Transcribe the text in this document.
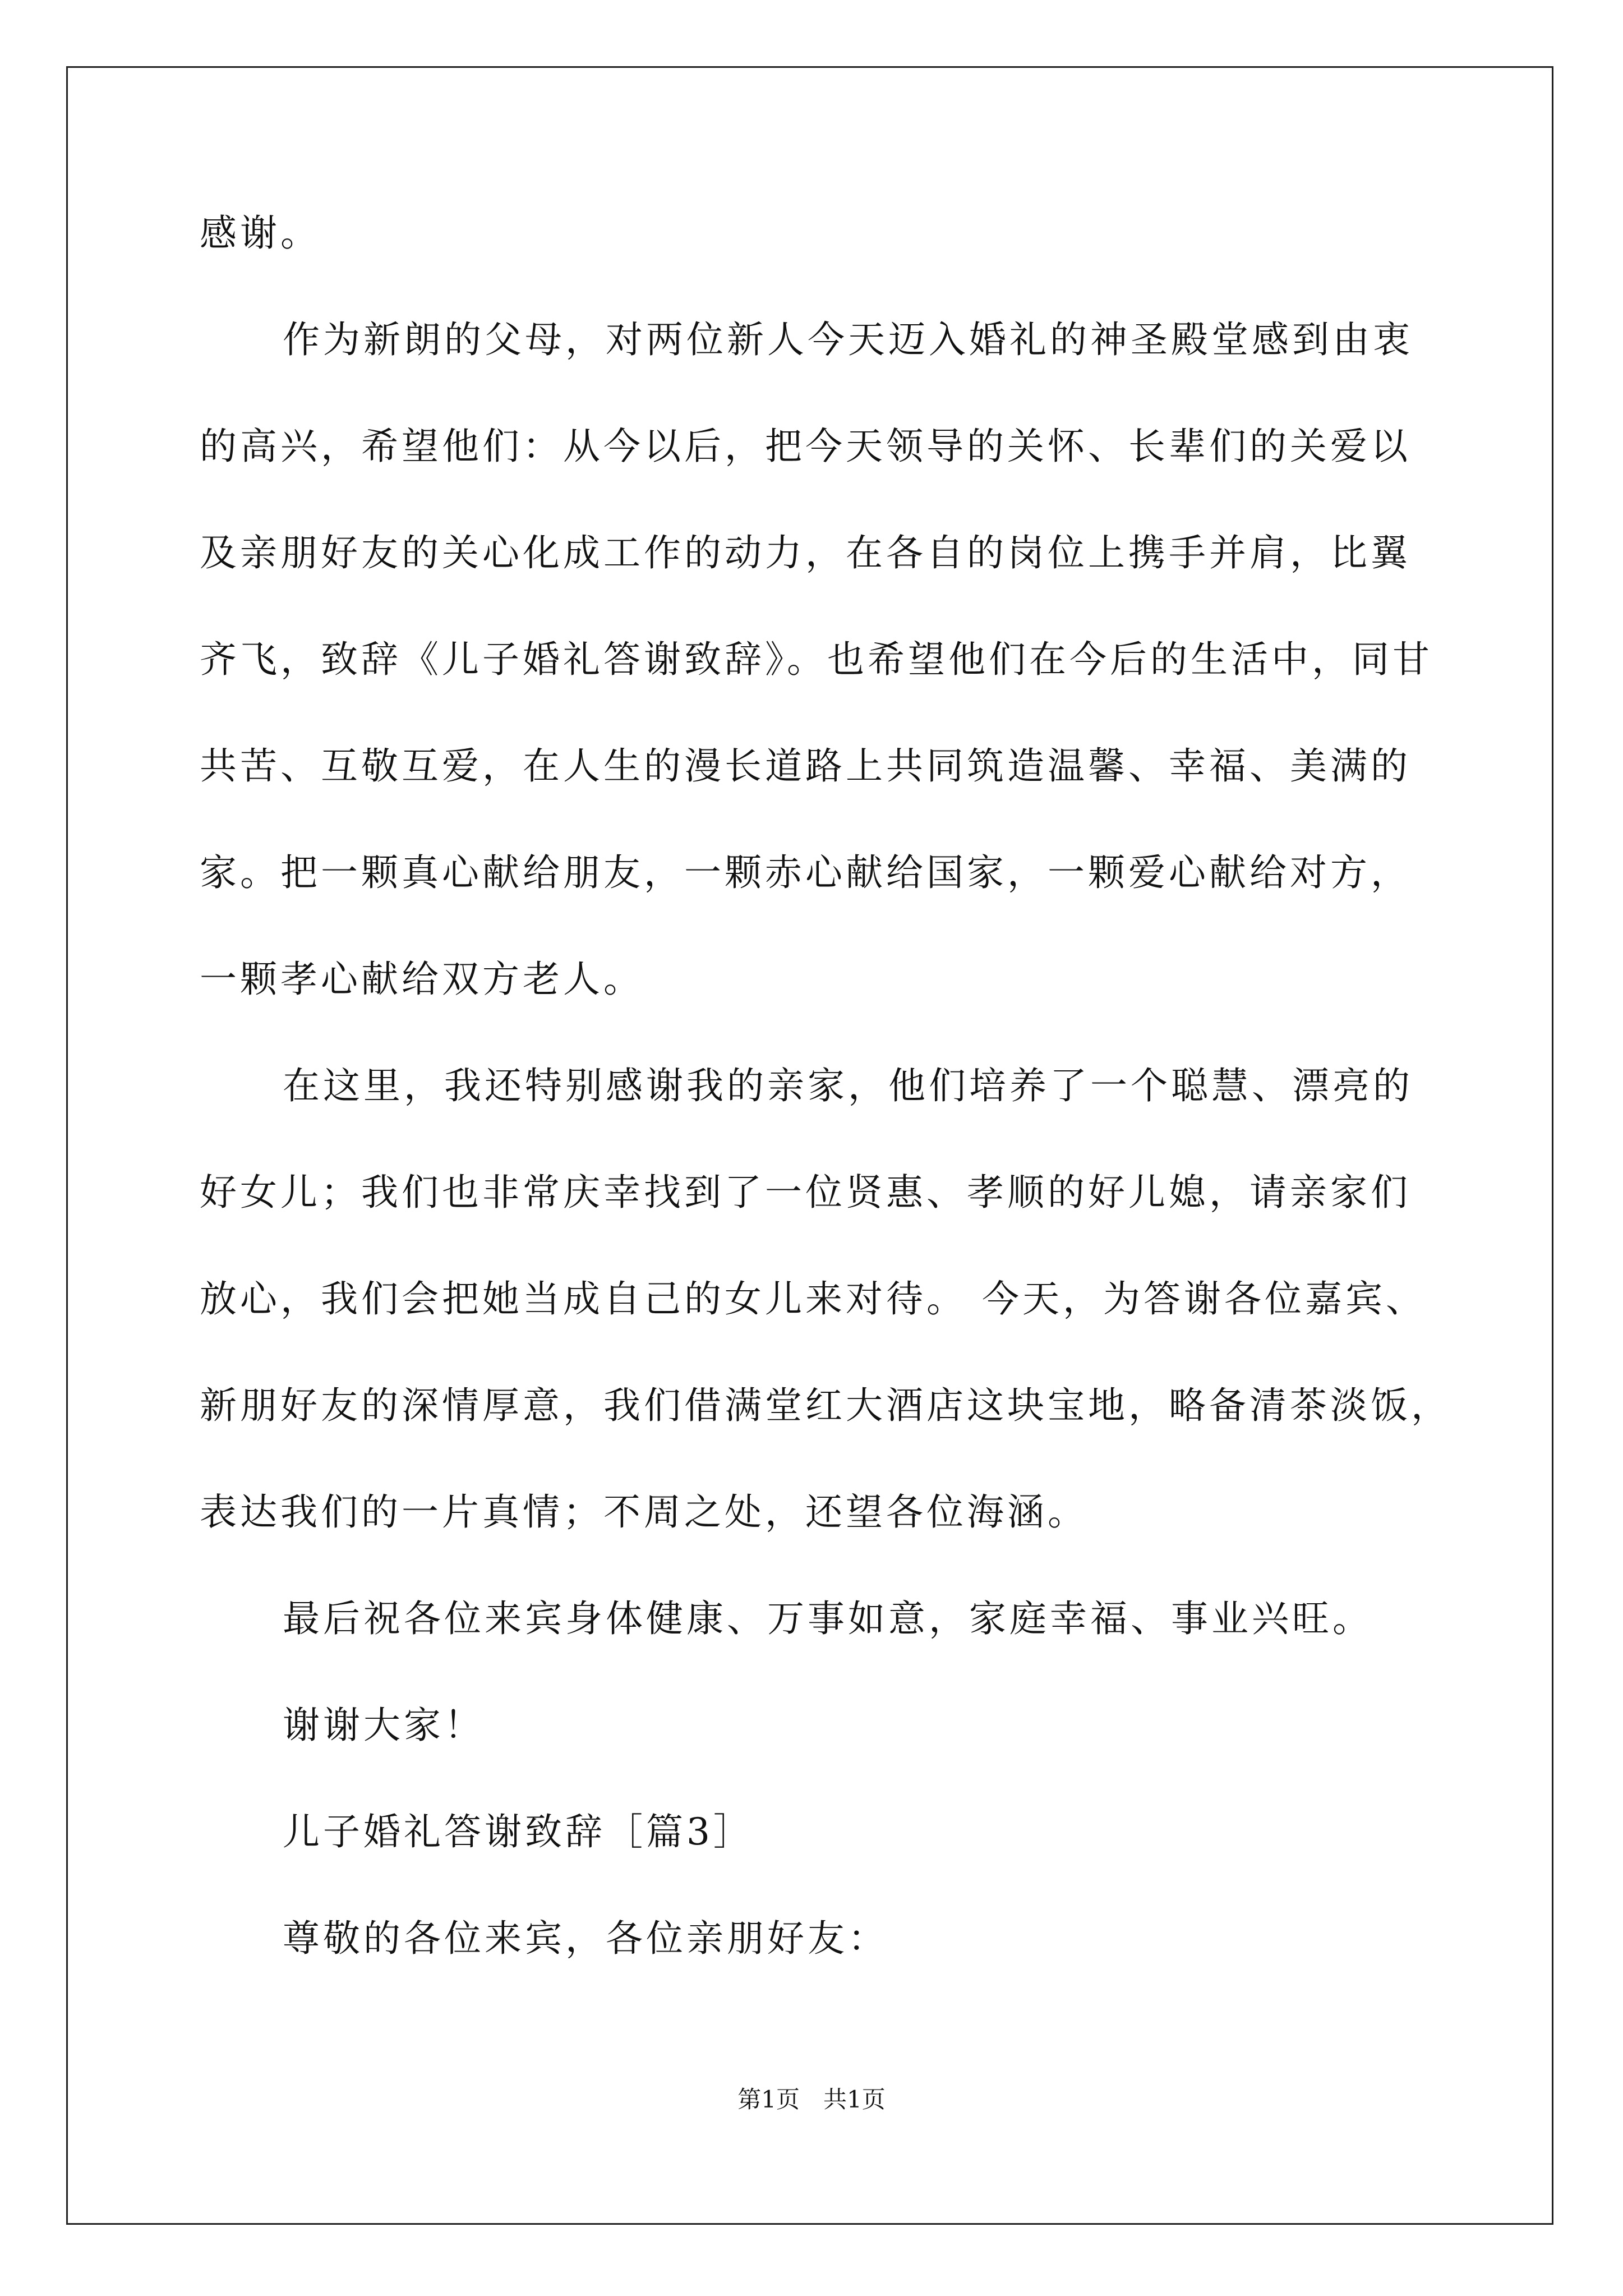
感谢。
作为新朗的父母，对两位新人今天迈入婚礼的神圣殿堂感到由衷
的高兴，希望他们：从今以后，把今天领导的关怀、长辈们的关爱以
及亲朋好友的关心化成工作的动力，在各自的岗位上携手并肩，比翼
齐飞，致辞《儿子婚礼答谢致辞》。也希望他们在今后的生活中，同甘
共苦、互敬互爱，在人生的漫长道路上共同筑造温馨、幸福、美满的
家。把一颗真心献给朋友，一颗赤心献给国家，一颗爱心献给对方，
一颗孝心献给双方老人。
在这里，我还特别感谢我的亲家，他们培养了一个聪慧、漂亮的
好女儿；我们也非常庆幸找到了一位贤惠、孝顺的好儿媳，请亲家们
放心，我们会把她当成自己的女儿来对待。 今天，为答谢各位嘉宾、
新朋好友的深情厚意，我们借满堂红大酒店这块宝地，略备清茶淡饭，
表达我们的一片真情；不周之处，还望各位海涵。
最后祝各位来宾身体健康、万事如意，家庭幸福、事业兴旺。
谢谢大家！
儿子婚礼答谢致辞［篇3］
尊敬的各位来宾，各位亲朋好友：
第1页　共1页
